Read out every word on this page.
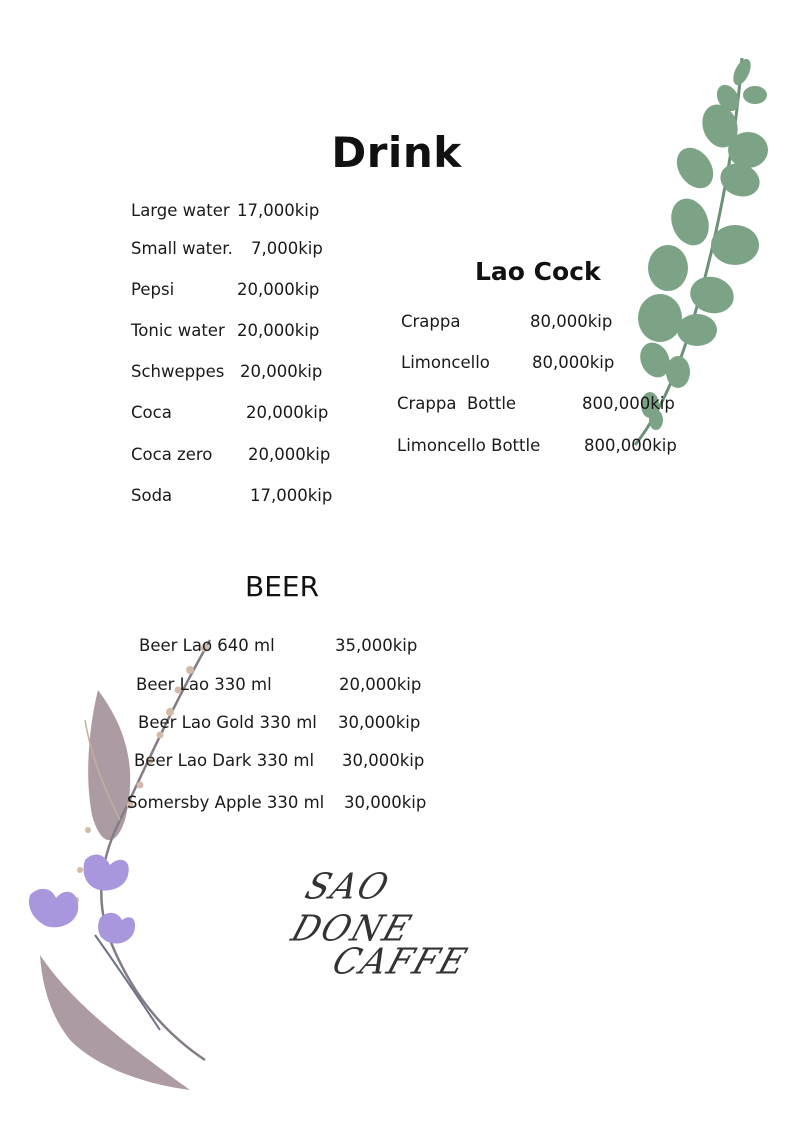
Drink
Large water 17,000kip
Small water. 7,000kip
Pepsi	20,000kip
Tonic water 20,000kip
Schweppes 20,000kip
Coca	20,000kip
Coca zero 20,000kip
Soda	17,000kip
Lao Cock
Crappa	80,000kip
Limoncello	80,000kip
Crappa  Bottle	800,000kip
Limoncello Bottle	800,000kip
BEER
Beer Lao 640 ml	35,000kip
Beer Lao 330 ml	20,000kip
Beer Lao Gold 330 ml 30,000kip
Beer Lao Dark 330 ml 30,000kip
Somersby Apple 330 ml 30,000kip
SAO DONE
CAFFE
